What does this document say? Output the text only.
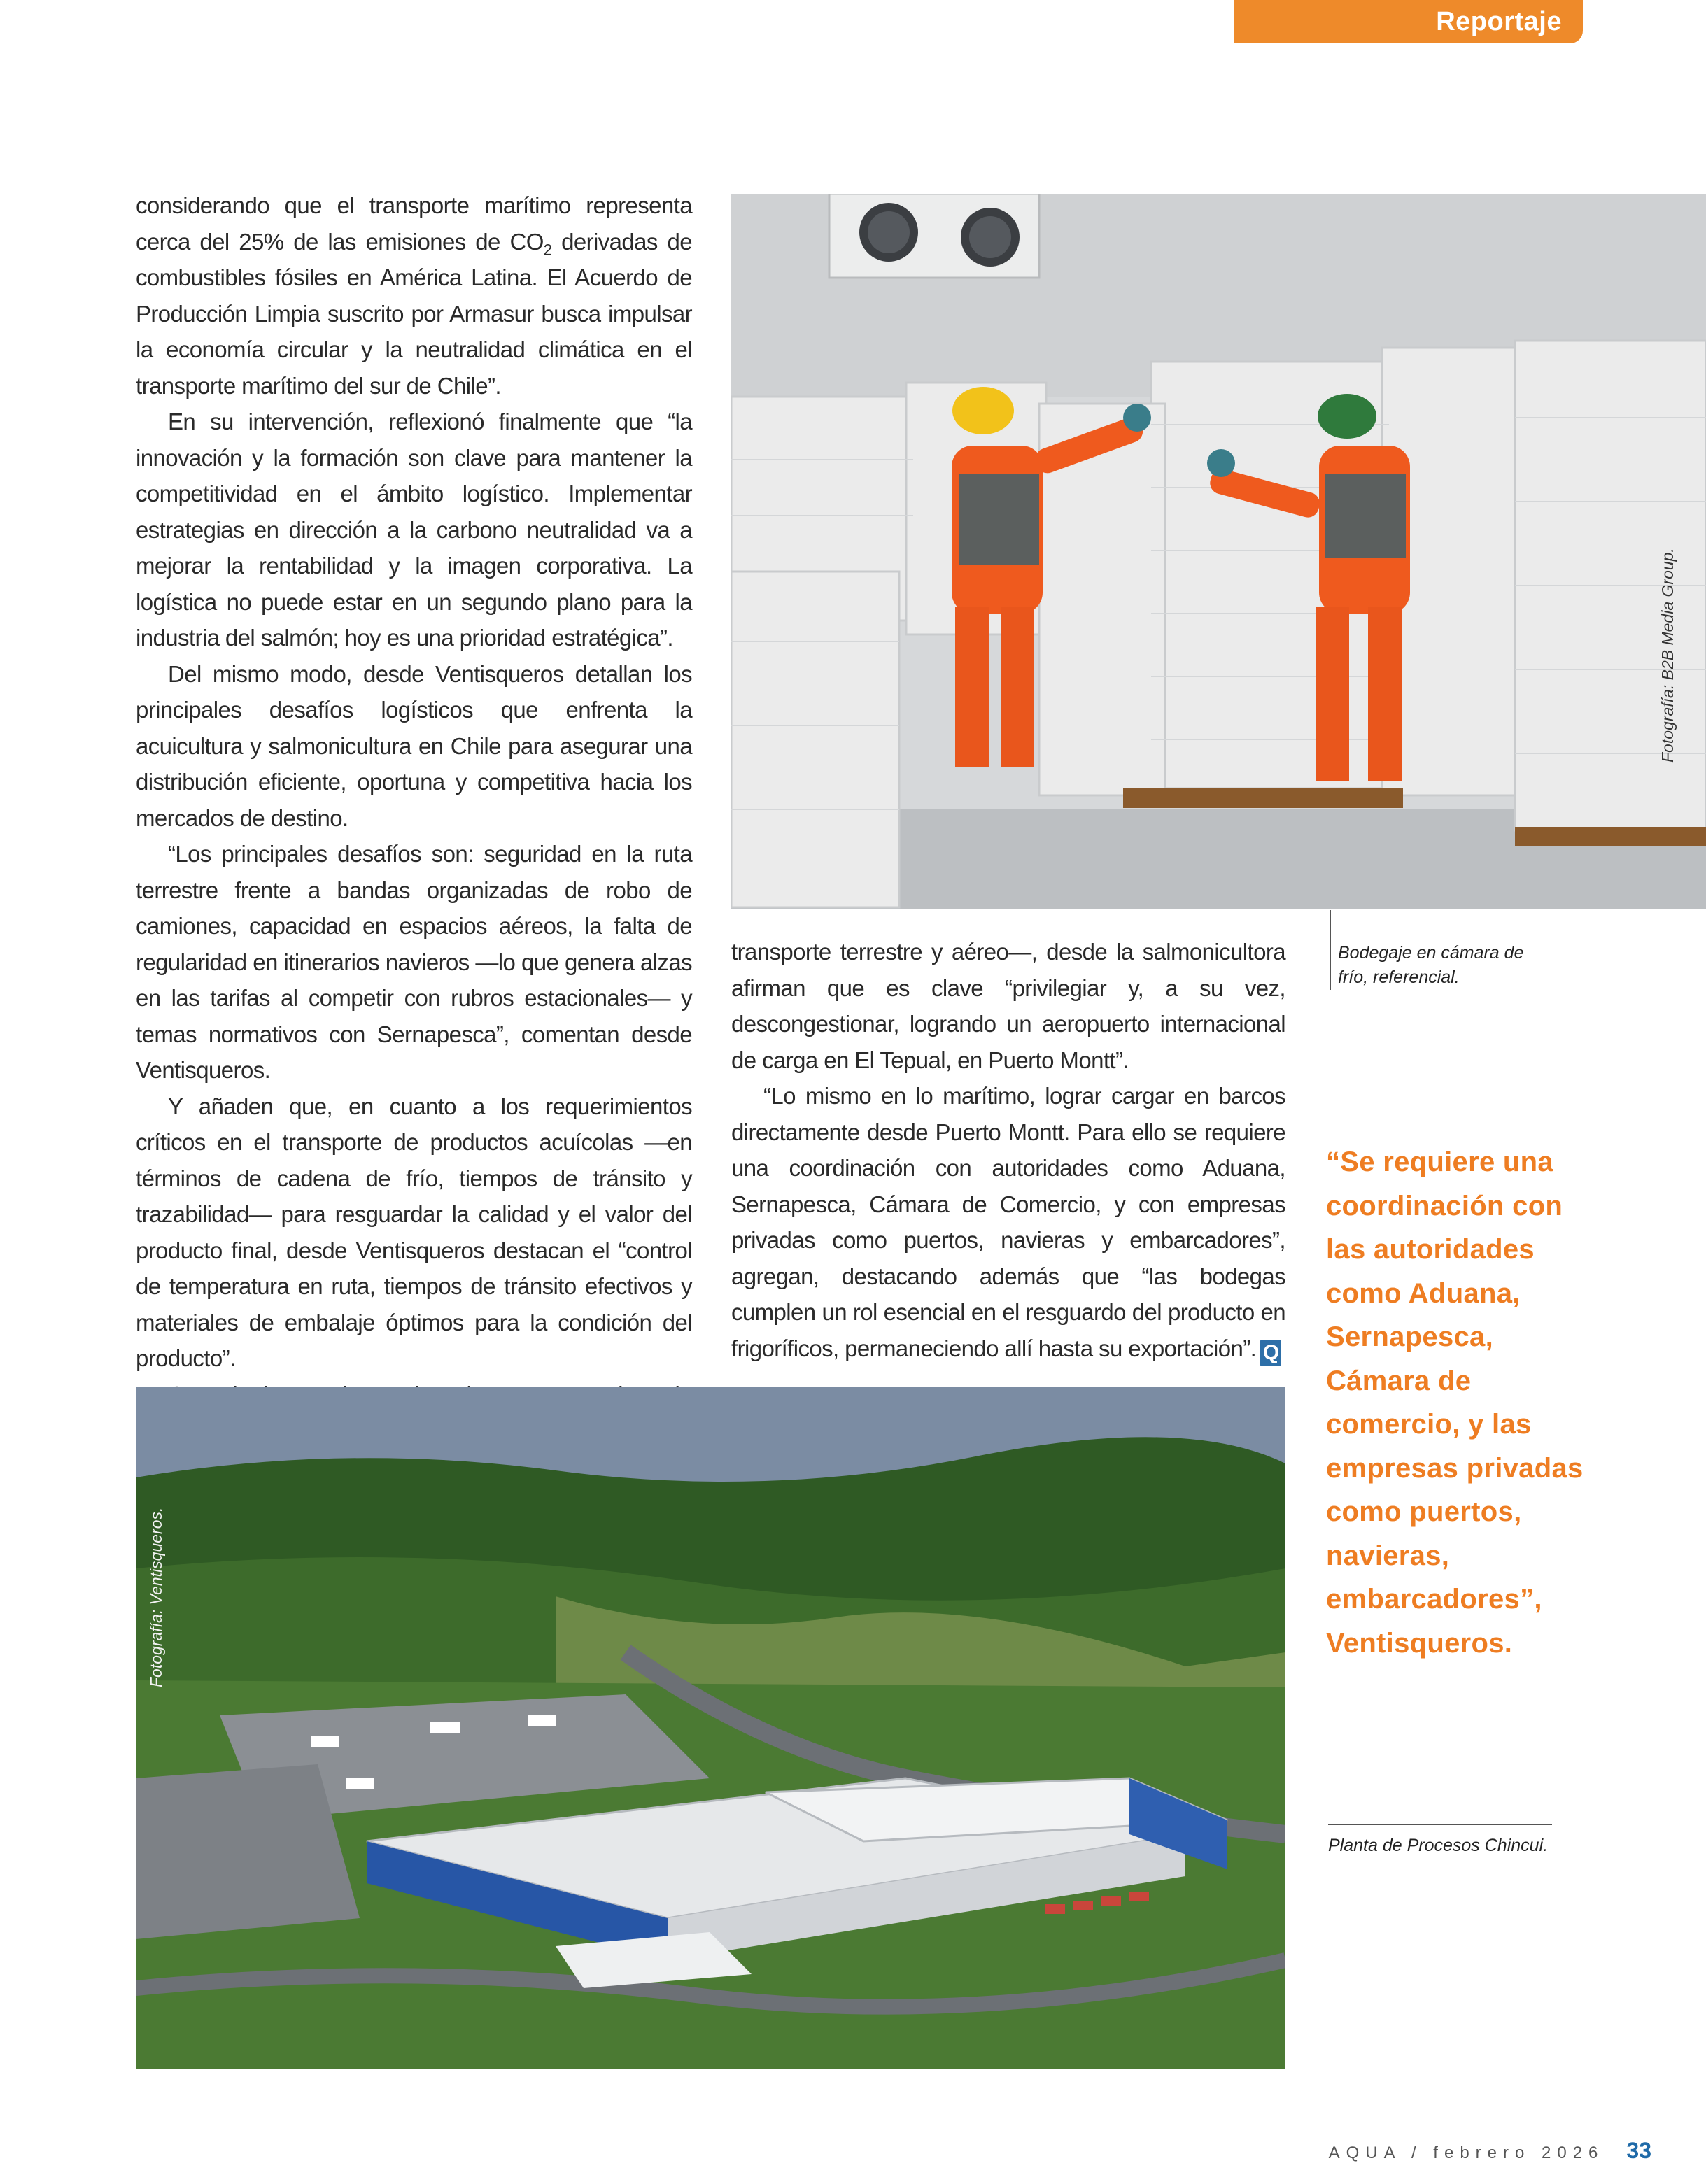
Reportaje

considerando que el transporte marítimo representa cerca del 25% de las emisiones de $CO_2$ derivadas de combustibles fósiles en América Latina. El Acuerdo de Producción Limpia suscrito por Armasur busca impulsar la economía circular y la neutralidad climática en el transporte marítimo del sur de Chile”.

En su intervención, reflexionó finalmente que “la innovación y la formación son clave para mantener la competitividad en el ámbito logístico. Implementar estrategias en dirección a la carbono neutralidad va a mejorar la rentabilidad y la imagen corporativa. La logística no puede estar en un segundo plano para la industria del salmón; hoy es una prioridad estratégica”.

Del mismo modo, desde Ventisqueros detallan los principales desafíos logísticos que enfrenta la acuicultura y salmonicultura en Chile para asegurar una distribución eficiente, oportuna y competitiva hacia los mercados de destino.

“Los principales desafíos son: seguridad en la ruta terrestre frente a bandas organizadas de robo de camiones, capacidad en espacios aéreos, la falta de regularidad en itinerarios navieros —lo que genera alzas en las tarifas al competir con rubros estacionales— y temas normativos con Sernapesca”, comentan desde Ventisqueros.

Y añaden que, en cuanto a los requerimientos críticos en el transporte de productos acuícolas —en términos de cadena de frío, tiempos de tránsito y trazabilidad— para resguardar la calidad y el valor del producto final, desde Ventisqueros destacan el “control de temperatura en ruta, tiempos de tránsito efectivos y materiales de embalaje óptimos para la condición del producto”.

transporte terrestre y aéreo—, desde la salmonicultora afirman que es clave “privilegiar y, a su vez, descongestionar, logrando un aeropuerto internacional de carga en El Tepual, en Puerto Montt”.

“Lo mismo en lo marítimo, lograr cargar en barcos directamente desde Puerto Montt. Para ello se requiere una coordinación con autoridades como Aduana, Sernapesca, Cámara de Comercio, y con empresas privadas como puertos, navieras y embarcadores”, agregan, destacando además que “las bodegas cumplen un rol esencial en el resguardo del producto en frigoríficos, permaneciendo allí hasta su exportación”. Q

Fotografía: B2B Media Group.
Bodegaje en cámara de frío, referencial.
“Se requiere una coordinación con las autoridades como Aduana, Sernapesca, Cámara de comercio, y las empresas privadas como puertos, navieras, embarcadores”, Ventisqueros.
Fotografía: Ventisqueros.
Planta de Procesos Chincui.
AQUA / febrero 2026 33
